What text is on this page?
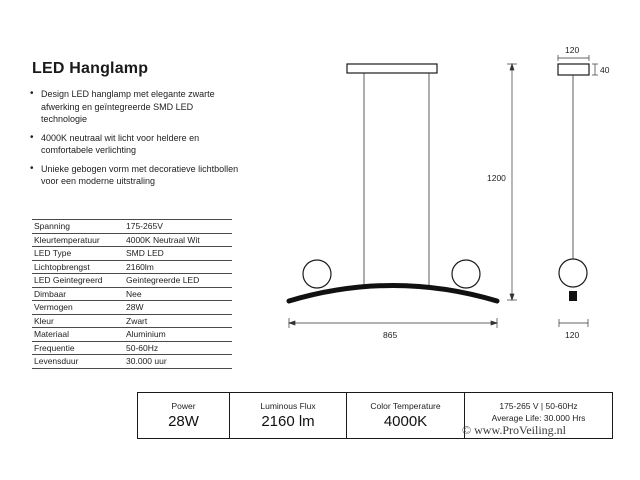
LED Hanglamp
• Design LED hanglamp met elegante zwarte afwerking en geïntegreerde SMD LED technologie
• 4000K neutraal wit licht voor heldere en comfortabele verlichting
• Unieke gebogen vorm met decoratieve lichtbollen voor een moderne uitstraling
Spanning	175-265V
Kleurtemperatuur	4000K Neutraal Wit
LED Type	SMD LED
Lichtopbrengst	2160lm
LED Geintegreerd	Geintegreerde LED
Dimbaar	Nee
Vermogen	28W
Kleur	Zwart
Materiaal	Aluminium
Frequentie	50-60Hz
Levensduur	30.000 uur
1200
865
120
40
120
Power
28W
Luminous Flux
2160 lm
Color Temperature
4000K
175-265 V | 50-60Hz
Average Life: 30.000 Hrs
© www.ProVeiling.nl
